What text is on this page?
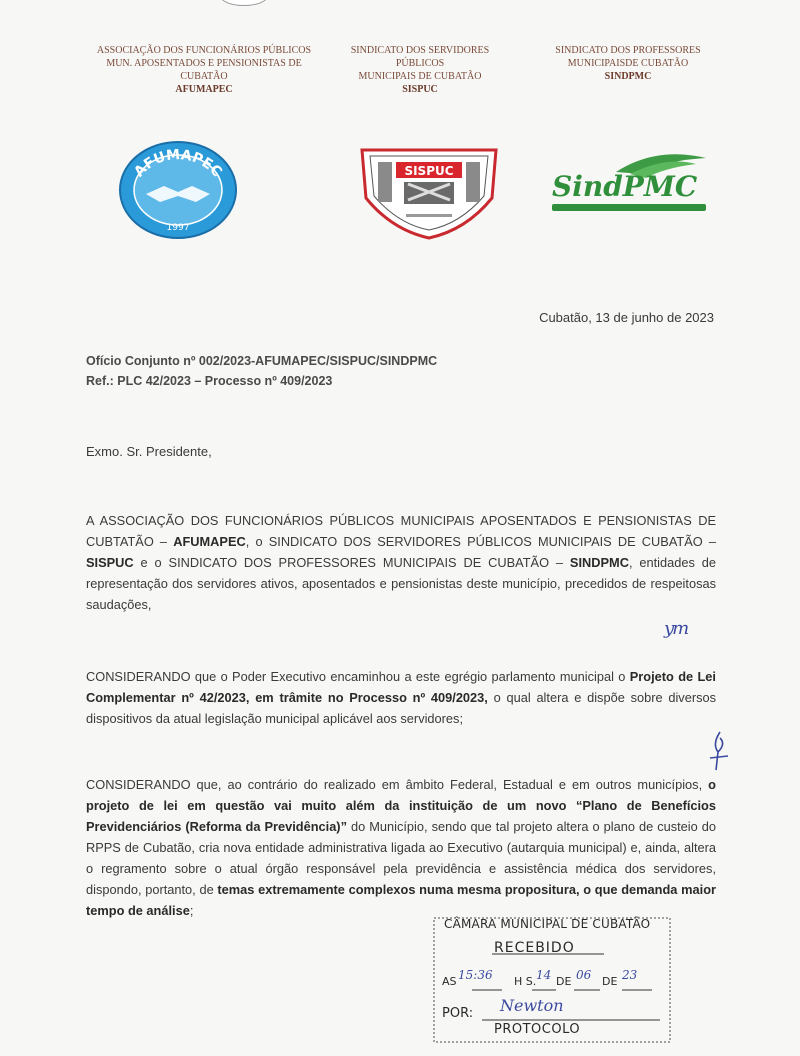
ASSOCIAÇÃO DOS FUNCIONÁRIOS PÚBLICOS
MUN. APOSENTADOS E PENSIONISTAS DE
CUBATÃO
AFUMAPEC
SINDICATO DOS SERVIDORES PÚBLICOS
MUNICIPAIS DE CUBATÃO
SISPUC
SINDICATO DOS PROFESSORES
MUNICIPAISDE CUBATÃO
SINDPMC
AFUMAPEC
1997
SISPUC	SindPMC
Cubatão, 13 de junho de 2023
Ofício Conjunto nº 002/2023-AFUMAPEC/SISPUC/SINDPMC
Ref.: PLC 42/2023 – Processo nº 409/2023
Exmo. Sr. Presidente,
A ASSOCIAÇÃO DOS FUNCIONÁRIOS PÚBLICOS MUNICIPAIS APOSENTADOS E PENSIONISTAS DE CUBTATÃO – AFUMAPEC, o SINDICATO DOS SERVIDORES PÚBLICOS MUNICIPAIS DE CUBATÃO – SISPUC e o SINDICATO DOS PROFESSORES MUNICIPAIS DE CUBATÃO – SINDPMC, entidades de representação dos servidores ativos, aposentados e pensionistas deste município, precedidos de respeitosas saudações,
ym
CONSIDERANDO que o Poder Executivo encaminhou a este egrégio parlamento municipal o Projeto de Lei Complementar nº 42/2023, em trâmite no Processo nº 409/2023, o qual altera e dispõe sobre diversos dispositivos da atual legislação municipal aplicável aos servidores;
CONSIDERANDO que, ao contrário do realizado em âmbito Federal, Estadual e em outros municípios, o projeto de lei em questão vai muito além da instituição de um novo “Plano de Benefícios Previdenciários (Reforma da Previdência)” do Município, sendo que tal projeto altera o plano de custeio do RPPS de Cubatão, cria nova entidade administrativa ligada ao Executivo (autarquia municipal) e, ainda, altera o regramento sobre o atual órgão responsável pela previdência e assistência médica dos servidores, dispondo, portanto, de temas extremamente complexos numa mesma propositura, o que demanda maior tempo de análise;
CÂMARA MUNICIPAL DE CUBATÃO
RECEBIDO
AS	H S. DE	DE
POR:
PROTOCOLO
15:36	14 06	23
Newton
